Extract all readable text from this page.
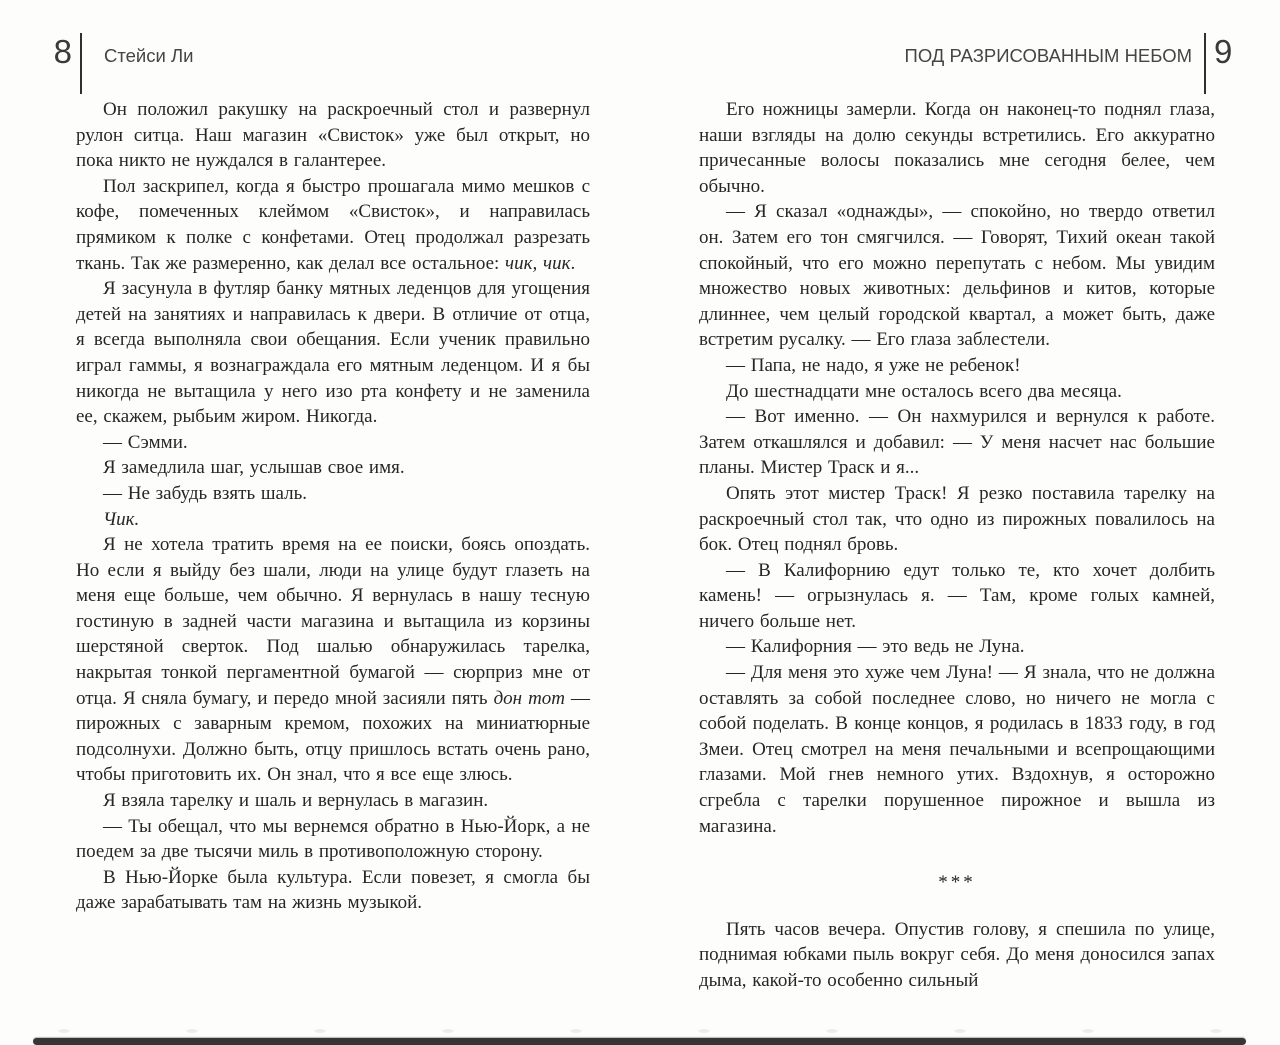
8 Стейси Ли	ПОД РАЗРИСОВАННЫМ НЕБОМ 9

Он положил ракушку на раскроечный стол и развернул рулон ситца. Наш магазин «Свисток» уже был открыт, но пока никто не нуждался в галантерее.

Пол заскрипел, когда я быстро прошагала мимо мешков с кофе, помеченных клеймом «Свисток», и направилась прямиком к полке с конфетами. Отец продолжал разрезать ткань. Так же размеренно, как делал все остальное: чик, чик.

Я засунула в футляр банку мятных леденцов для угощения детей на занятиях и направилась к двери. В отличие от отца, я всегда выполняла свои обещания. Если ученик правильно играл гаммы, я вознаграждала его мятным леденцом. И я бы никогда не вытащила у него изо рта конфету и не заменила ее, скажем, рыбьим жиром. Никогда.

— Сэмми.

Я замедлила шаг, услышав свое имя.

— Не забудь взять шаль.

Чик.

Я не хотела тратить время на ее поиски, боясь опоздать. Но если я выйду без шали, люди на улице будут глазеть на меня еще больше, чем обычно. Я вернулась в нашу тесную гостиную в задней части магазина и вытащила из корзины шерстяной сверток. Под шалью обнаружилась тарелка, накрытая тонкой пергаментной бумагой — сюрприз мне от отца. Я сняла бумагу, и передо мной засияли пять дон тот — пирожных с заварным кремом, похожих на миниатюрные подсолнухи. Должно быть, отцу пришлось встать очень рано, чтобы приготовить их. Он знал, что я все еще злюсь.

Я взяла тарелку и шаль и вернулась в магазин.

— Ты обещал, что мы вернемся обратно в Нью-Йорк, а не поедем за две тысячи миль в противоположную сторону.

В Нью-Йорке была культура. Если повезет, я смогла бы даже зарабатывать там на жизнь музыкой.

Его ножницы замерли. Когда он наконец-то поднял глаза, наши взгляды на долю секунды встретились. Его аккуратно причесанные волосы показались мне сегодня белее, чем обычно.

— Я сказал «однажды», — спокойно, но твердо ответил он. Затем его тон смягчился. — Говорят, Тихий океан такой спокойный, что его можно перепутать с небом. Мы увидим множество новых животных: дельфинов и китов, которые длиннее, чем целый городской квартал, а может быть, даже встретим русалку. — Его глаза заблестели.

— Папа, не надо, я уже не ребенок!

До шестнадцати мне осталось всего два месяца.

— Вот именно. — Он нахмурился и вернулся к работе. Затем откашлялся и добавил: — У меня насчет нас большие планы. Мистер Траск и я...

Опять этот мистер Траск! Я резко поставила тарелку на раскроечный стол так, что одно из пирожных повалилось на бок. Отец поднял бровь.

— В Калифорнию едут только те, кто хочет долбить камень! — огрызнулась я. — Там, кроме голых камней, ничего больше нет.

— Калифорния — это ведь не Луна.

— Для меня это хуже чем Луна! — Я знала, что не должна оставлять за собой последнее слово, но ничего не могла с собой поделать. В конце концов, я родилась в 1833 году, в год Змеи. Отец смотрел на меня печальными и всепрощающими глазами. Мой гнев немного утих. Вздохнув, я осторожно сгребла с тарелки порушенное пирожное и вышла из магазина.

***

Пять часов вечера. Опустив голову, я спешила по улице, поднимая юбками пыль вокруг себя. До меня доносился запах дыма, какой-то особенно сильный
